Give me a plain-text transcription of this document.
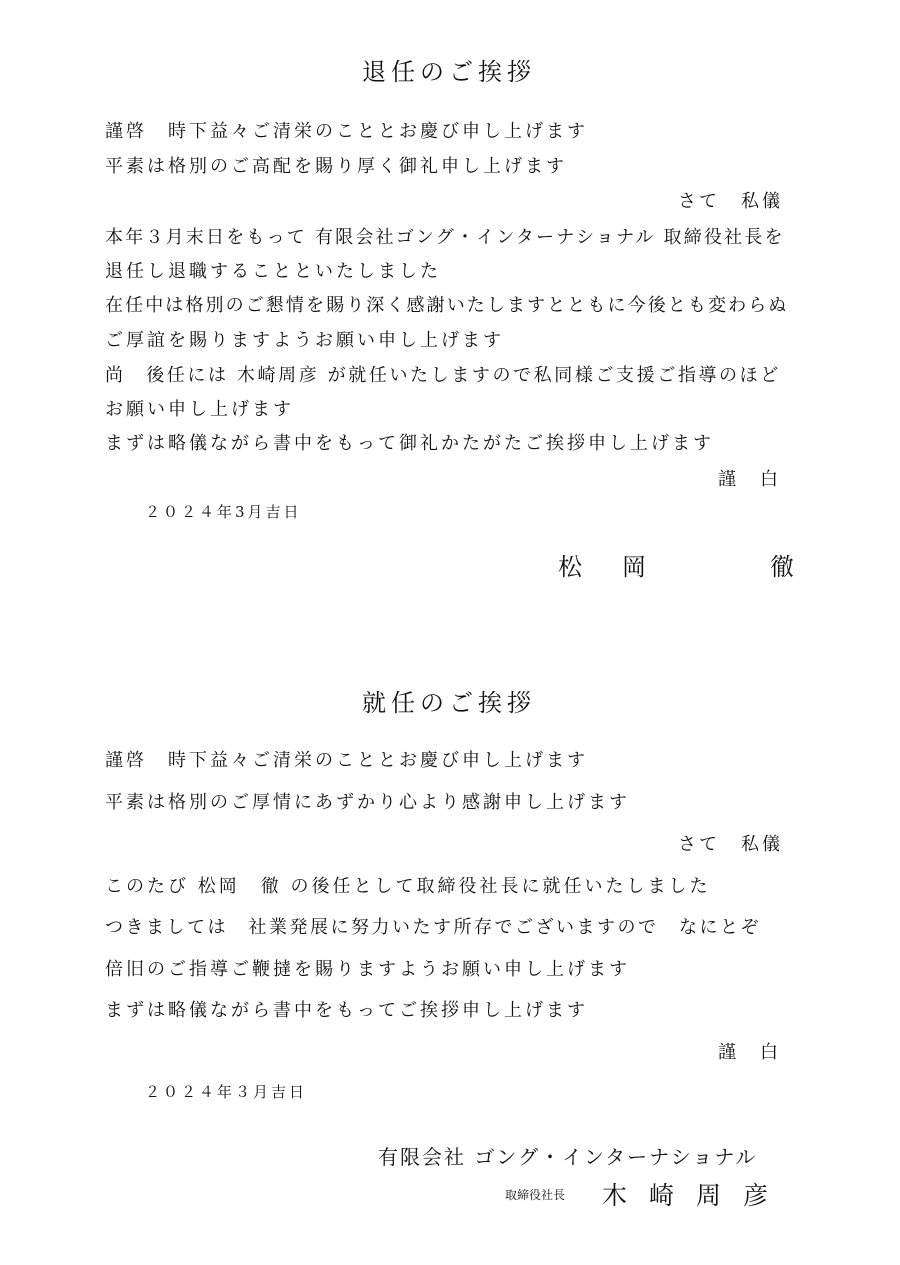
退任のご挨拶
謹啓　時下益々ご清栄のこととお慶び申し上げます
平素は格別のご高配を賜り厚く御礼申し上げます
さて　私儀
本年３月末日をもって 有限会社ゴング・インターナショナル 取締役社長を
退任し退職することといたしました
在任中は格別のご懇情を賜り深く感謝いたしますとともに今後とも変わらぬ
ご厚誼を賜りますようお願い申し上げます
尚　後任には 木崎周彦 が就任いたしますので私同様ご支援ご指導のほど
お願い申し上げます
まずは略儀ながら書中をもって御礼かたがたご挨拶申し上げます
謹　白
２０２４年3月吉日
松　岡	徹
就任のご挨拶
謹啓　時下益々ご清栄のこととお慶び申し上げます
平素は格別のご厚情にあずかり心より感謝申し上げます
さて　私儀
このたび 松岡　徹 の後任として取締役社長に就任いたしました
つきましては　社業発展に努力いたす所存でございますので　なにとぞ
倍旧のご指導ご鞭撻を賜りますようお願い申し上げます
まずは略儀ながら書中をもってご挨拶申し上げます
謹　白
２０２４年３月吉日
有限会社 ゴング・インターナショナル
取締役社長 木崎周彦
